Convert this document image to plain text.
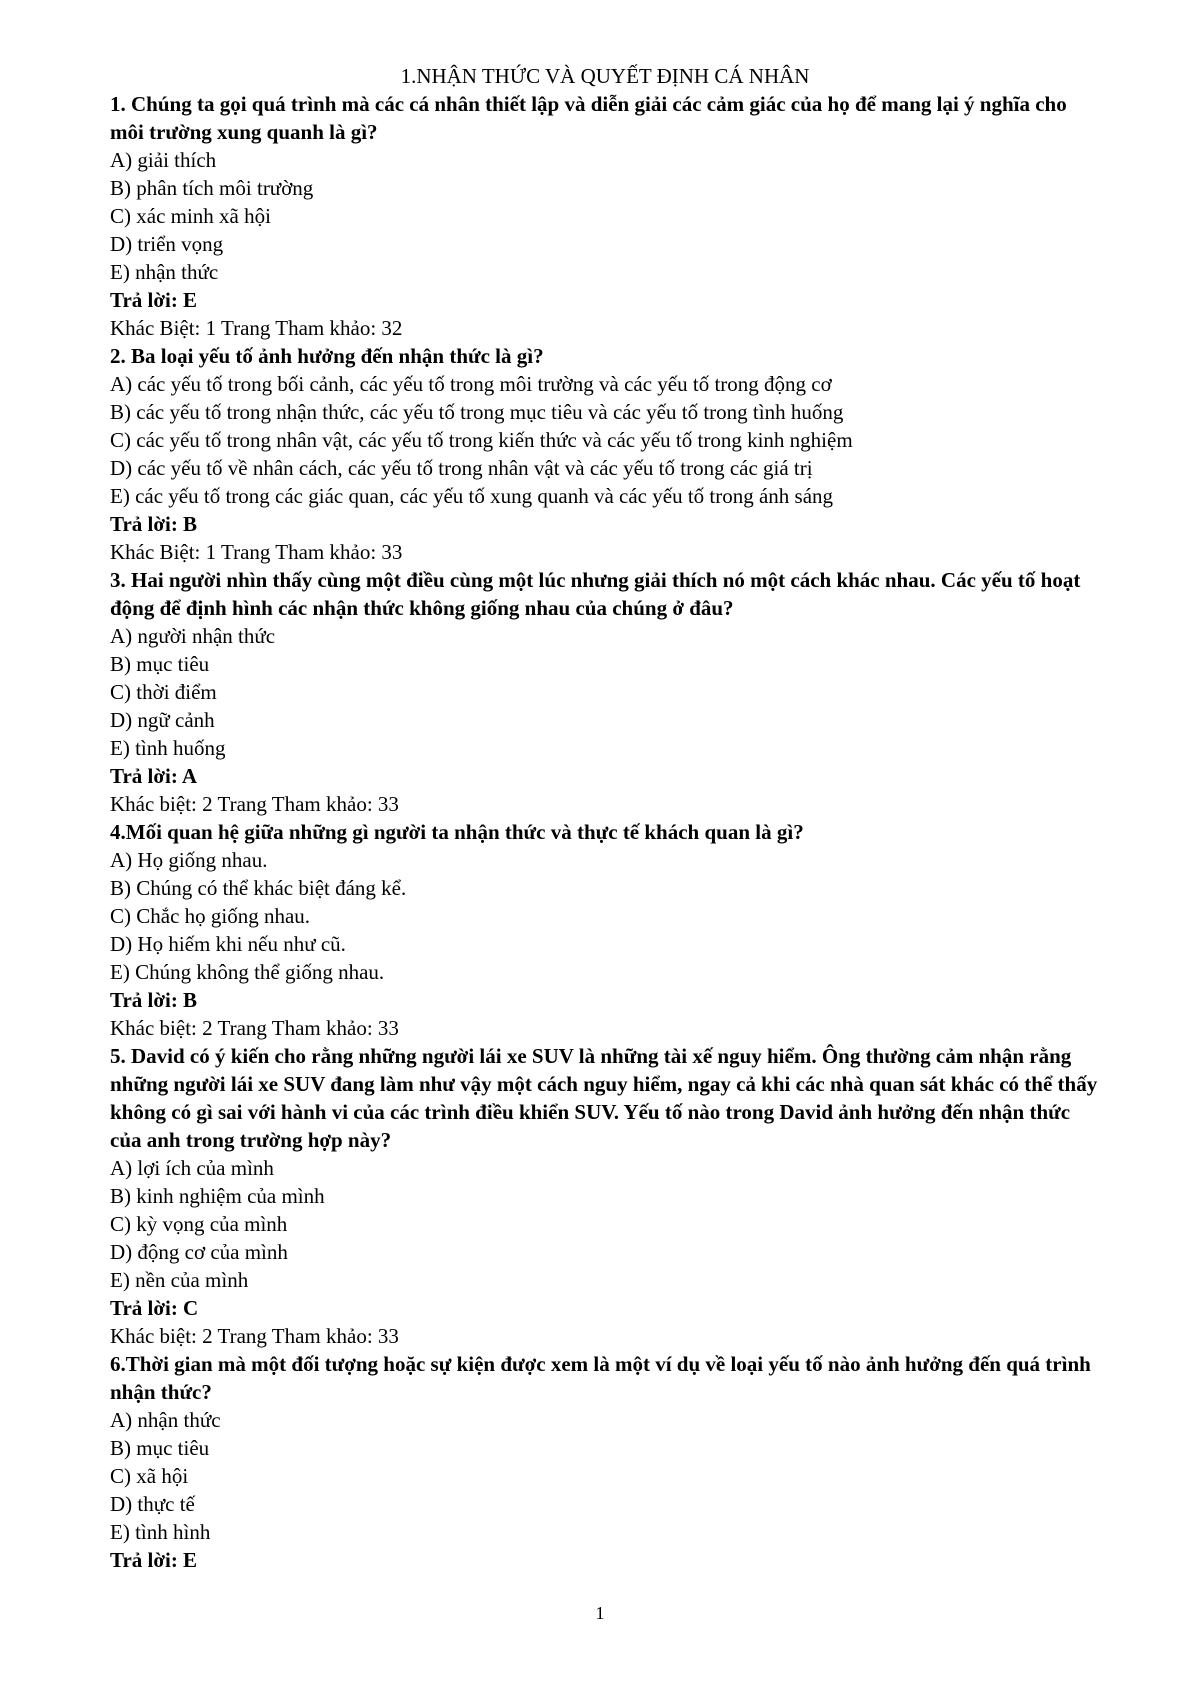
1.NHẬN THỨC VÀ QUYẾT ĐỊNH CÁ NHÂN

1. Chúng ta gọi quá trình mà các cá nhân thiết lập và diễn giải các cảm giác của họ để mang lại ý nghĩa cho môi trường xung quanh là gì?

A) giải thích

B) phân tích môi trường

C) xác minh xã hội

D) triển vọng

E) nhận thức

Trả lời: E

Khác Biệt: 1 Trang Tham khảo: 32

2. Ba loại yếu tố ảnh hưởng đến nhận thức là gì?

A) các yếu tố trong bối cảnh, các yếu tố trong môi trường và các yếu tố trong động cơ

B) các yếu tố trong nhận thức, các yếu tố trong mục tiêu và các yếu tố trong tình huống

C) các yếu tố trong nhân vật, các yếu tố trong kiến thức và các yếu tố trong kinh nghiệm

D) các yếu tố về nhân cách, các yếu tố trong nhân vật và các yếu tố trong các giá trị

E) các yếu tố trong các giác quan, các yếu tố xung quanh và các yếu tố trong ánh sáng

Trả lời: B

Khác Biệt: 1 Trang Tham khảo: 33

3. Hai người nhìn thấy cùng một điều cùng một lúc nhưng giải thích nó một cách khác nhau. Các yếu tố hoạt động để định hình các nhận thức không giống nhau của chúng ở đâu?

A) người nhận thức

B) mục tiêu

C) thời điểm

D) ngữ cảnh

E) tình huống

Trả lời: A

Khác biệt: 2 Trang Tham khảo: 33

4.Mối quan hệ giữa những gì người ta nhận thức và thực tế khách quan là gì?

A) Họ giống nhau.

B) Chúng có thể khác biệt đáng kể.

C) Chắc họ giống nhau.

D) Họ hiếm khi nếu như cũ.

E) Chúng không thể giống nhau.

Trả lời: B

Khác biệt: 2 Trang Tham khảo: 33

5. David có ý kiến cho rằng những người lái xe SUV là những tài xế nguy hiểm. Ông thường cảm nhận rằng những người lái xe SUV đang làm như vậy một cách nguy hiểm, ngay cả khi các nhà quan sát khác có thể thấy không có gì sai với hành vi của các trình điều khiển SUV. Yếu tố nào trong David ảnh hưởng đến nhận thức của anh trong trường hợp này?

A) lợi ích của mình

B) kinh nghiệm của mình

C) kỳ vọng của mình

D) động cơ của mình

E) nền của mình

Trả lời: C

Khác biệt: 2 Trang Tham khảo: 33

6.Thời gian mà một đối tượng hoặc sự kiện được xem là một ví dụ về loại yếu tố nào ảnh hưởng đến quá trình nhận thức?

A) nhận thức

B) mục tiêu

C) xã hội

D) thực tế

E) tình hình

Trả lời: E

1
